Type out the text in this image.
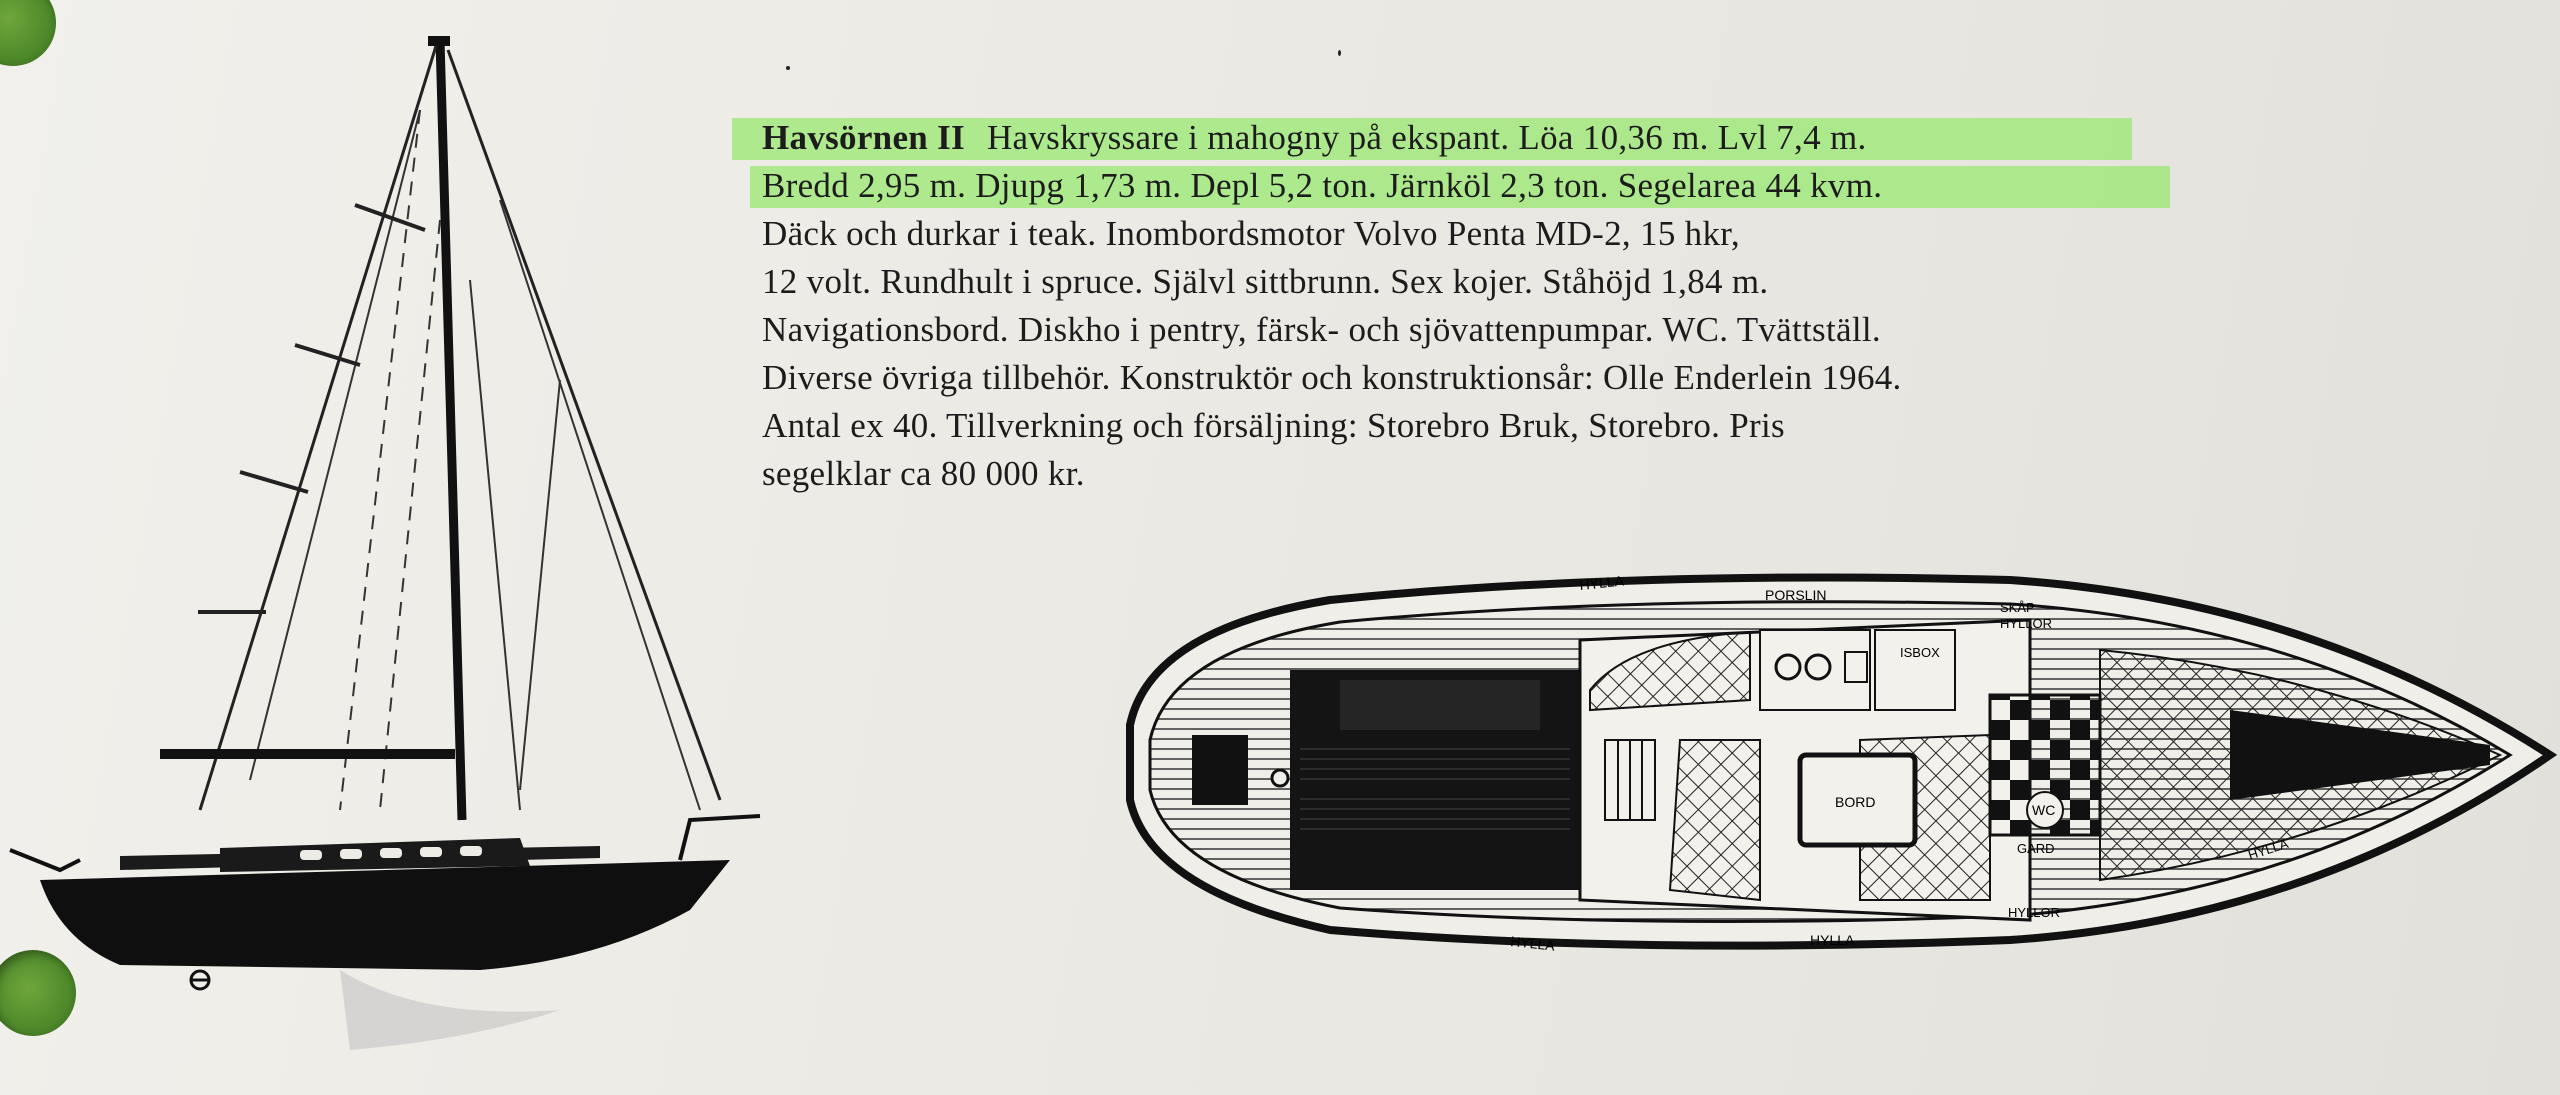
Havsörnen II Havskryssare i mahogny på ekspant. Löa 10,36 m. Lvl 7,4 m.
Bredd 2,95 m. Djupg 1,73 m. Depl 5,2 ton. Järnköl 2,3 ton. Segelarea 44 kvm.
Däck och durkar i teak. Inombordsmotor Volvo Penta MD-2, 15 hkr,
12 volt. Rundhult i spruce. Självl sittbrunn. Sex kojer. Ståhöjd 1,84 m.
Navigationsbord. Diskho i pentry, färsk- och sjövattenpumpar. WC. Tvättställ.
Diverse övriga tillbehör. Konstruktör och konstruktionsår: Olle Enderlein 1964.
Antal ex 40. Tillverkning och försäljning: Storebro Bruk, Storebro. Pris
segelklar ca 80 000 kr.
HYLLA
PORSLIN
ISBOX
SKÅP
HYLLOR
BORD	WC
GARD
HYLLOR
HYLLA	HYLLA
HYLLA
